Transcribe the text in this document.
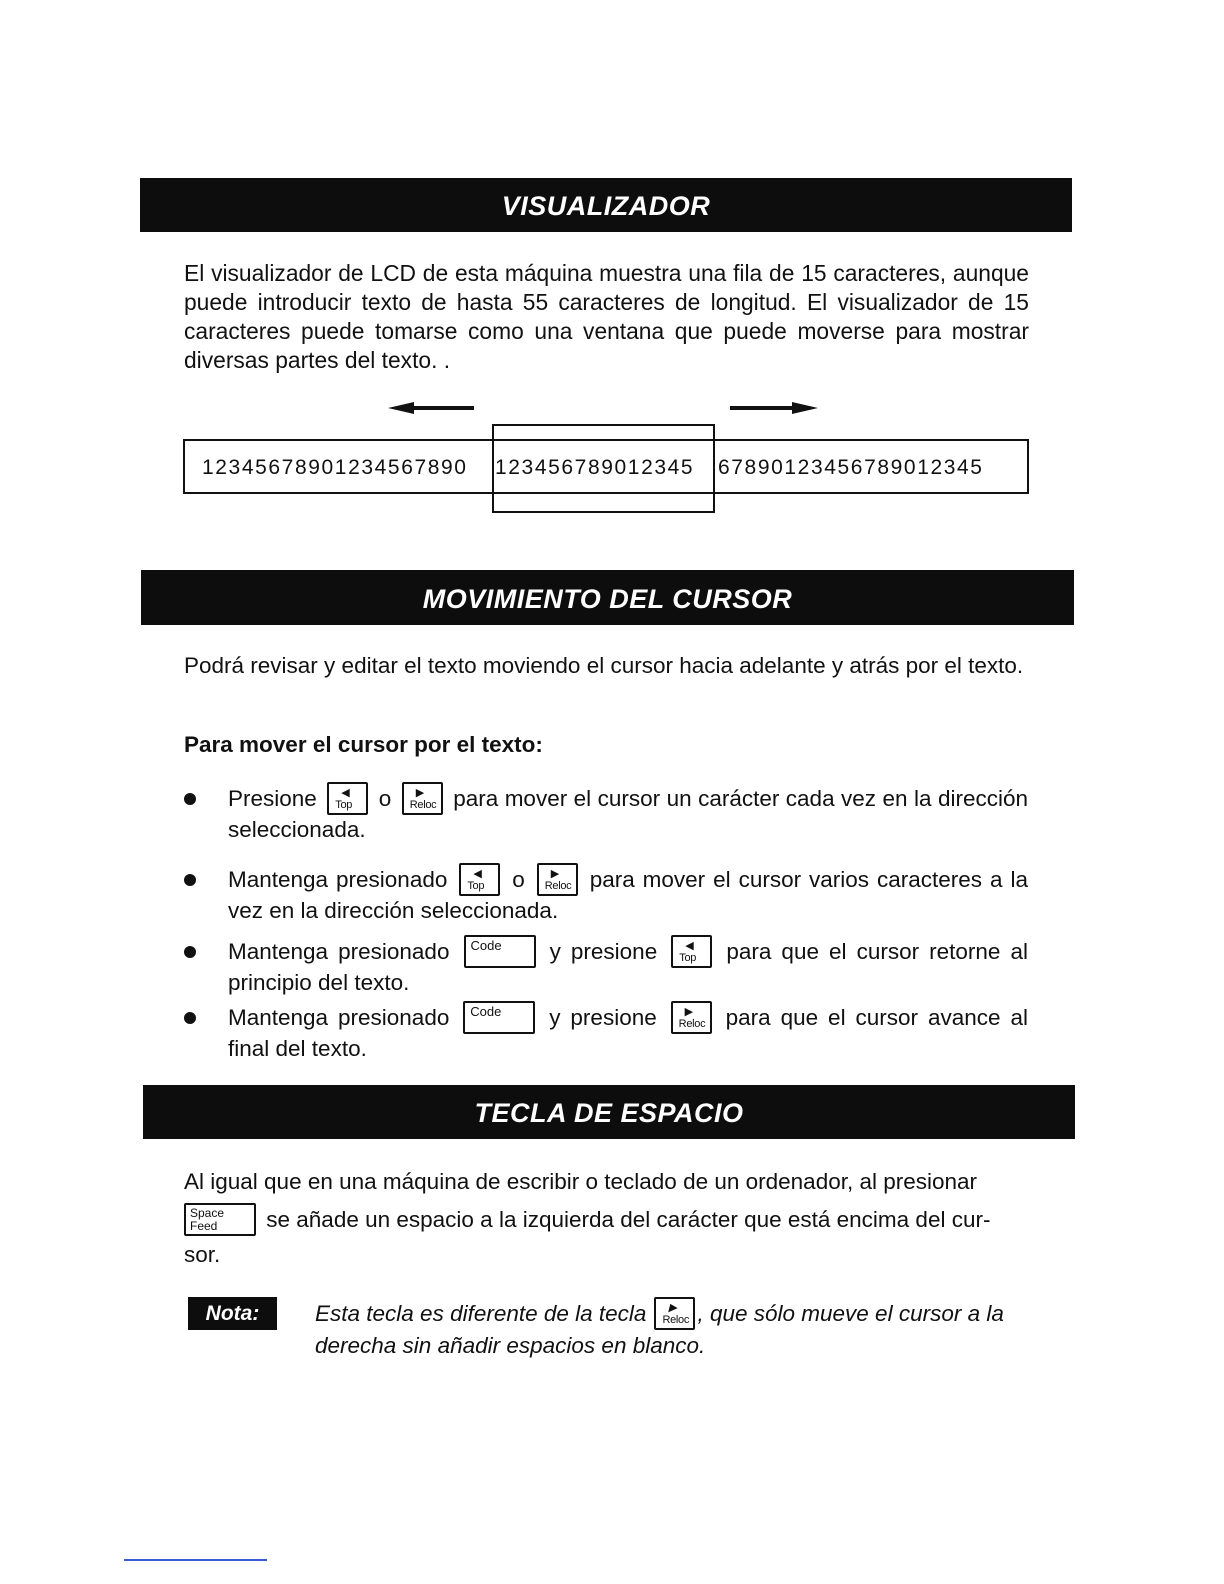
VISUALIZADOR
El visualizador de LCD de esta máquina muestra una fila de 15 caracteres, aunque puede introducir texto de hasta 55 caracteres de longitud. El visualizador de 15 caracteres puede tomarse como una ventana que puede moverse para mostrar diversas partes del texto. .
12345678901234567890 123456789012345 67890123456789012345
MOVIMIENTO DEL CURSOR
Podrá revisar y editar el texto moviendo el cursor hacia adelante y atrás por el texto.
Para mover el cursor por el texto:
Presione ◀
Top o ▶
Reloc para mover el cursor un carácter cada vez en la dirección seleccionada.
Mantenga presionado ◀
Top o ▶
Reloc para mover el cursor varios caracteres a la vez en la dirección seleccionada.
Mantenga presionado Code y presione	◀
Top para que el cursor retorne al principio del texto.
Mantenga presionado Code y presione	▶
Reloc para que el cursor avance al final del texto.
TECLA DE ESPACIO
Al igual que en una máquina de escribir o teclado de un ordenador, al presionar
Space
Feed se añade un espacio a la izquierda del carácter que está encima del cur-
sor.
Nota:	Esta tecla es diferente de la tecla ▶
Reloc , que sólo mueve el cursor a la derecha sin añadir espacios en blanco.
